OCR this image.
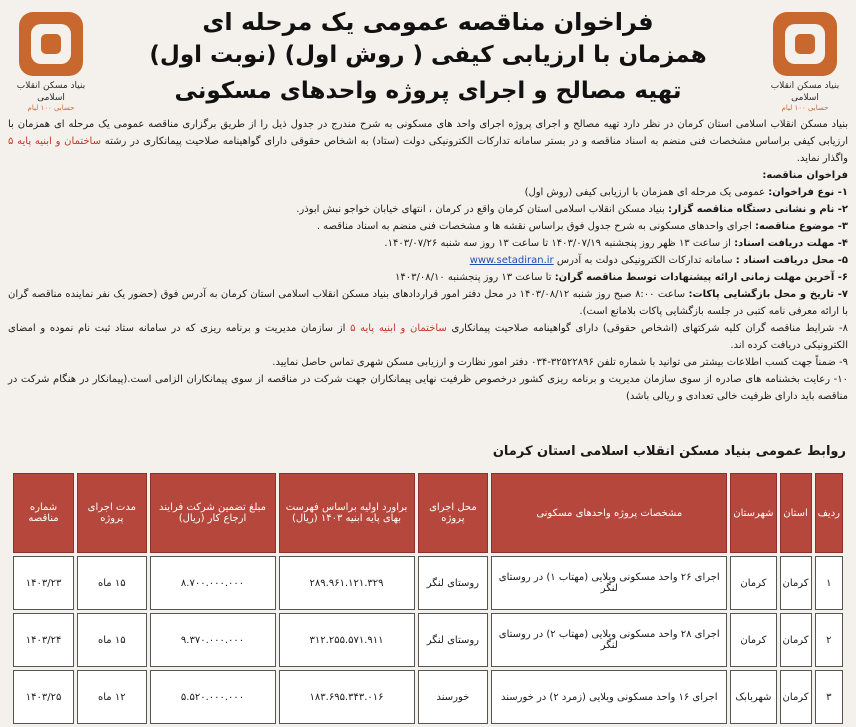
بنیاد مسکن انقلاب اسلامی
حسابی ۱۰۰ لیام
بنیاد مسکن انقلاب اسلامی
حسابی ۱۰۰ لیام
فراخوان مناقصه عمومی یک مرحله ای
همزمان با ارزیابی کیفی ( روش اول) (نوبت اول)
تهیه مصالح و اجرای پروژه واحدهای مسکونی

بنیاد مسکن انقلاب اسلامی استان کرمان در نظر دارد تهیه مصالح و اجرای پروژه اجرای واحد های مسکونی به شرح مندرج در جدول ذیل را از طریق برگزاری مناقصه عمومی یک مرحله ای همزمان با ارزیابی کیفی براساس مشخصات فنی منضم به اسناد مناقصه و در بستر سامانه تدارکات الکترونیکی دولت (ستاد) به اشخاص حقوقی دارای گواهینامه صلاحیت پیمانکاری در رشته ساختمان و ابنیه پایه ۵ واگذار نماید.

فراخوان مناقصه:

۱- نوع فراخوان: عمومی یک مرحله ای همزمان با ارزیابی کیفی (روش اول)

۲- نام و نشانی دستگاه مناقصه گزار: بنیاد مسکن انقلاب اسلامی استان کرمان واقع در کرمان ، انتهای خیابان خواجو نبش ابوذر.

۳- موضوع مناقصه: اجرای واحدهای مسکونی به شرح جدول فوق براساس نقشه ها و مشخصات فنی منضم به اسناد مناقصه .

۴- مهلت دریافت اسناد: از ساعت ۱۳ ظهر روز پنجشنبه ۱۴۰۳/۰۷/۱۹ تا ساعت ۱۳ روز سه شنبه ۱۴۰۳/۰۷/۲۶.

۵- محل دریافت اسناد : سامانه تدارکات الکترونیکی دولت به آدرس www.setadiran.ir

۶- آخرین مهلت زمانی ارائه پیشنهادات توسط مناقصه گران: تا ساعت ۱۳ روز پنجشنبه ۱۴۰۳/۰۸/۱۰

۷- تاریخ و محل بازگشایی پاکات: ساعت ۸:۰۰ صبح روز شنبه ۱۴۰۳/۰۸/۱۲ در محل دفتر امور قراردادهای بنیاد مسکن انقلاب اسلامی استان کرمان به آدرس فوق (حضور یک نفر نماینده مناقصه گران با ارائه معرفی نامه کتبی در جلسه بازگشایی پاکات بلامانع است).

۸- شرایط مناقصه گران کلیه شرکتهای (اشخاص حقوقی) دارای گواهینامه صلاحیت پیمانکاری ساختمان و ابنیه پایه ۵ از سازمان مدیریت و برنامه ریزی که در سامانه ستاد ثبت نام نموده و امضای الکترونیکی دریافت کرده اند.

۹- ضمناً جهت کسب اطلاعات بیشتر می توانید با شماره تلفن ۳۲۵۲۲۸۹۶-۰۳۴ دفتر امور نظارت و ارزیابی مسکن شهری تماس حاصل نمایید.

۱۰- رعایت بخشنامه های صادره از سوی سازمان مدیریت و برنامه ریزی کشور درخصوص ظرفیت نهایی پیمانکاران جهت شرکت در مناقصه از سوی پیمانکاران الزامی است.(پیمانکار در هنگام شرکت در مناقصه باید دارای ظرفیت خالی تعدادی و ریالی باشد)

روابط عمومی بنیاد مسکن انقلاب اسلامی استان کرمان
ردیف	استان	شهرستان	مشخصات پروژه واحدهای مسکونی	محل اجرای پروژه	براورد اولیه براساس فهرست بهای پایه ابنیه ۱۴۰۳ (ریال)	مبلغ تضمین شرکت فرایند ارجاع کار (ریال)	مدت اجرای پروژه	شماره مناقصه
۱	کرمان	کرمان	اجرای ۲۶ واحد مسکونی ویلایی (مهتاب ۱) در روستای لنگر	روستای لنگر	۲۸۹.۹۶۱.۱۲۱.۳۲۹	۸.۷۰۰.۰۰۰.۰۰۰	۱۵ ماه	۱۴۰۳/۲۳
۲	کرمان	کرمان	اجرای ۲۸ واحد مسکونی ویلایی (مهتاب ۲) در روستای لنگر	روستای لنگر	۳۱۲.۲۵۵.۵۷۱.۹۱۱	۹.۳۷۰.۰۰۰.۰۰۰	۱۵ ماه	۱۴۰۳/۲۴
۳	کرمان	شهربابک	اجرای ۱۶ واحد مسکونی ویلایی (زمرد ۲) در خورسند	خورسند	۱۸۳.۶۹۵.۳۴۳.۰۱۶	۵.۵۲۰.۰۰۰.۰۰۰	۱۲ ماه	۱۴۰۳/۲۵
